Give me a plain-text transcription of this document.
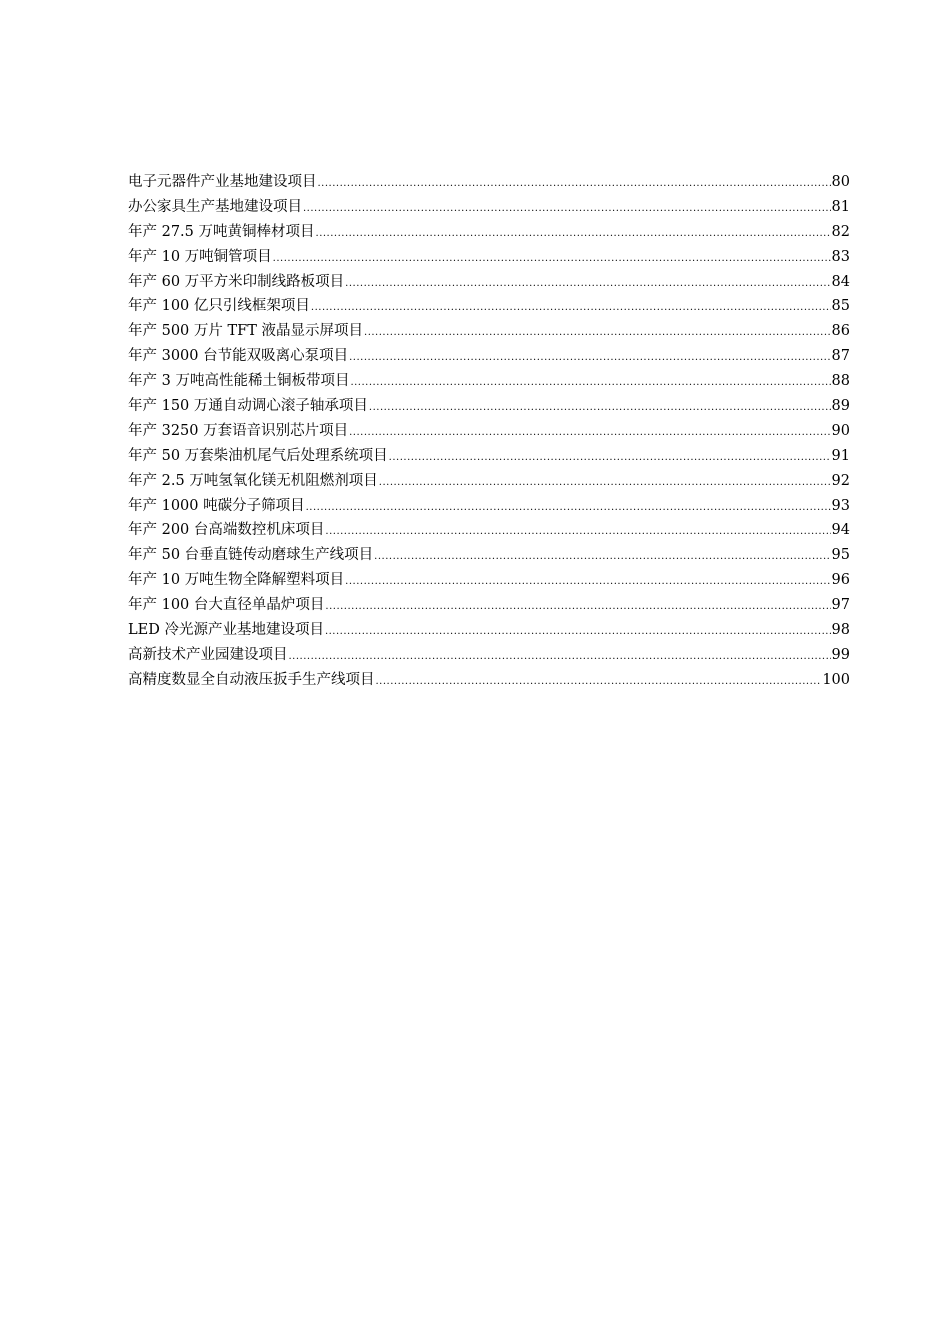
电子元器件产业基地建设项目 .....	80
办公家具生产基地建设项目 .....	81
年产 27.5 万吨黄铜棒材项目 .....	82
年产 10 万吨铜管项目 .....	83
年产 60 万平方米印制线路板项目 .....	84
年产 100 亿只引线框架项目 .....	85
年产 500 万片 TFT 液晶显示屏项目 .....	86
年产 3000 台节能双吸离心泵项目 .....	87
年产 3 万吨高性能稀土铜板带项目 .....	88
年产 150 万通自动调心滚子轴承项目 .....	89
年产 3250 万套语音识别芯片项目 .....	90
年产 50 万套柴油机尾气后处理系统项目 .....	91
年产 2.5 万吨氢氧化镁无机阻燃剂项目 .....	92
年产 1000 吨碳分子筛项目 .....	93
年产 200 台高端数控机床项目 .....	94
年产 50 台垂直链传动磨球生产线项目 .....	95
年产 10 万吨生物全降解塑料项目 .....	96
年产 100 台大直径单晶炉项目 .....	97
LED 冷光源产业基地建设项目 .....	98
高新技术产业园建设项目 .....	99
高精度数显全自动液压扳手生产线项目 .....	100
